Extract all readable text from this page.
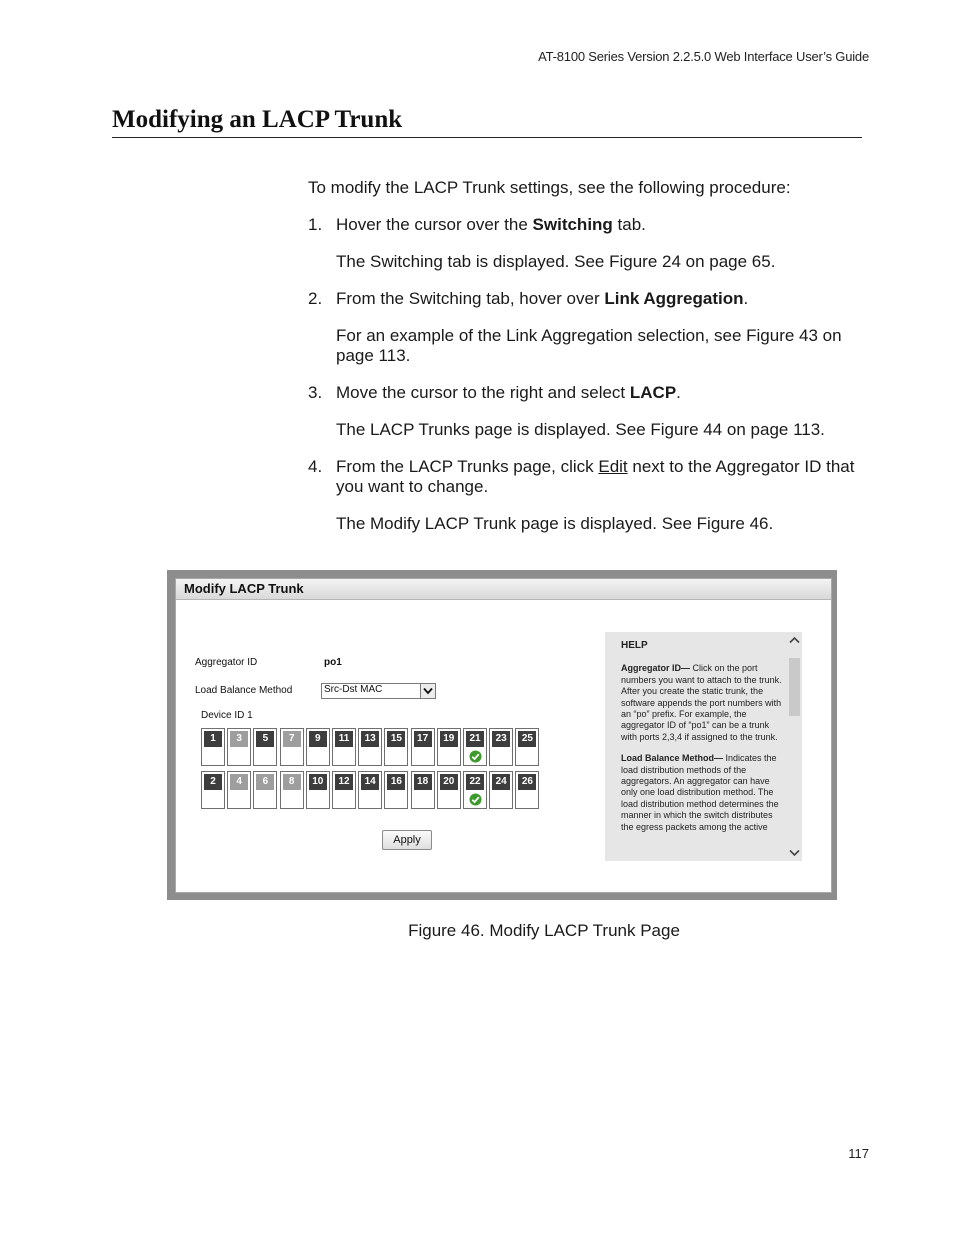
AT-8100 Series Version 2.2.5.0 Web Interface User’s Guide
Modifying an LACP Trunk

To modify the LACP Trunk settings, see the following procedure:

1. Hover the cursor over the Switching tab.

The Switching tab is displayed. See Figure 24 on page 65.

2. From the Switching tab, hover over Link Aggregation.

For an example of the Link Aggregation selection, see Figure 43 on page 113.

3. Move the cursor to the right and select LACP.

The LACP Trunks page is displayed. See Figure 44 on page 113.

4. From the LACP Trunks page, click Edit next to the Aggregator ID that you want to change.

The Modify LACP Trunk page is displayed. See Figure 46.

Modify LACP Trunk
Aggregator ID	po1
Load Balance Method	Src-Dst MAC
Device ID 1
1	3	5	7	9	11	13	15	17	19	21	23	25
2	4	6	8	10	12	14	16	18	20	22	24	26
Apply
HELP

Aggregator ID— Click on the port numbers you want to attach to the trunk. After you create the static trunk, the software appends the port numbers with an “po” prefix. For example, the aggregator ID of “po1” can be a trunk with ports 2,3,4 if assigned to the trunk.

Load Balance Method— Indicates the load distribution methods of the aggregators. An aggregator can have only one load distribution method. The load distribution method determines the manner in which the switch distributes the egress packets among the active

Figure 46. Modify LACP Trunk Page
117
